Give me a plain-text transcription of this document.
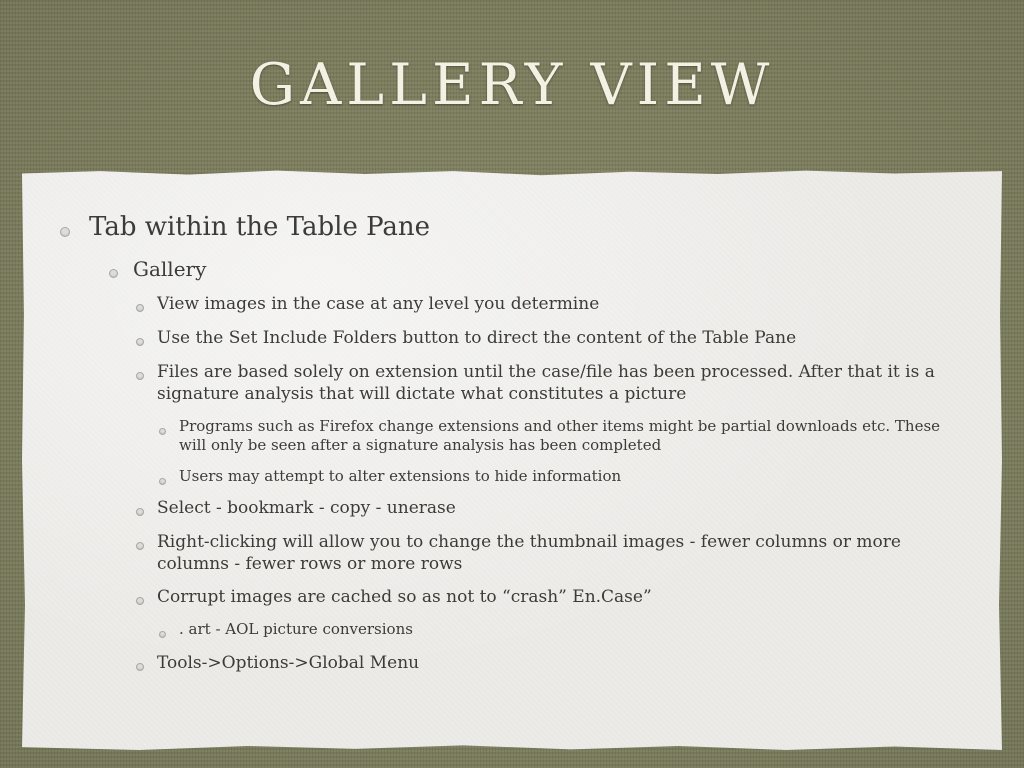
GALLERY VIEW
Tab within the Table Pane
Gallery
View images in the case at any level you determine
Use the Set Include Folders button to direct the content of the Table Pane
Files are based solely on extension until the case/file has been processed. After that it is a
signature analysis that will dictate what constitutes a picture
Programs such as Firefox change extensions and other items might be partial downloads etc. These
will only be seen after a signature analysis has been completed
Users may attempt to alter extensions to hide information
Select - bookmark - copy - unerase
Right-clicking will allow you to change the thumbnail images - fewer columns or more
columns - fewer rows or more rows
Corrupt images are cached so as not to “crash” En.Case”
. art - AOL picture conversions
Tools->Options->Global Menu
